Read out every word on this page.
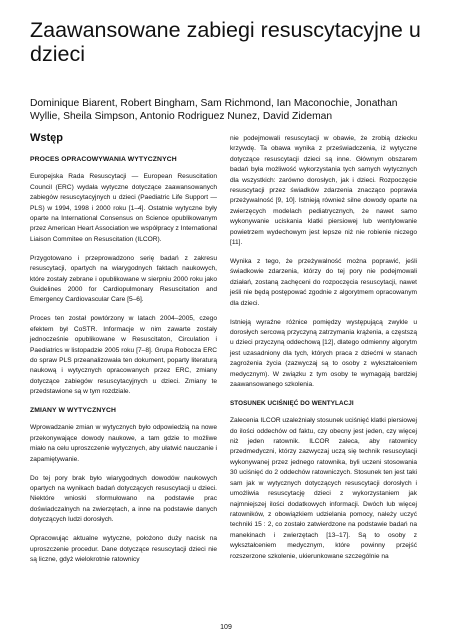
Zaawansowane zabiegi resuscytacyjne u dzieci
Dominique Biarent, Robert Bingham, Sam Richmond, Ian Maconochie, Jonathan Wyllie, Sheila Simpson, Antonio Rodriguez Nunez, David Zideman
Wstęp
PROCES OPRACOWYWANIA WYTYCZNYCH

Europejska Rada Resuscytacji — European Resuscitation Council (ERC) wydała wytyczne dotyczące zaawansowanych zabiegów resuscytacyjnych u dzieci (Paediatric Life Support — PLS) w 1994, 1998 i 2000 roku [1–4]. Ostatnie wytyczne były oparte na International Consensus on Science opublikowanym przez American Heart Association we współpracy z International Liaison Commitee on Resuscitation (ILCOR).

Przygotowano i przeprowadzono serię badań z zakresu resuscytacji, opartych na wiarygodnych faktach naukowych, które zostały zebrane i opublikowane w sierpniu 2000 roku jako Guidelines 2000 for Cardiopulmonary Resuscitation and Emergency Cardiovascular Care [5–6].

Proces ten został powtórzony w latach 2004–2005, czego efektem był CoSTR. Informacje w nim zawarte zostały jednocześnie opublikowane w Resuscitaton, Circulation i Paediatrics w listopadzie 2005 roku [7–8]. Grupa Robocza ERC do spraw PLS przeanalizowała ten dokument, poparty literaturą naukową i wytycznych opracowanych przez ERC, zmiany dotyczące zabiegów resuscytacyjnych u dzieci. Zmiany te przedstawione są w tym rozdziale.

ZMIANY W WYTYCZNYCH

Wprowadzanie zmian w wytycznych było odpowiedzią na nowe przekonywające dowody naukowe, a tam gdzie to możliwe miało na celu uproszczenie wytycznych, aby ułatwić nauczanie i zapamiętywanie.

Do tej pory brak było wiarygodnych dowodów naukowych opartych na wynikach badań dotyczących resuscytacji u dzieci. Niektóre wnioski sformułowano na podstawie prac doświadczalnych na zwierzętach, a inne na podstawie danych dotyczących ludzi dorosłych.

Opracowując aktualne wytyczne, położono duży nacisk na uproszczenie procedur. Dane dotyczące resuscytacji dzieci nie są liczne, gdyż wielokrotnie ratownicy

nie podejmowali resuscytacji w obawie, że zrobią dziecku krzywdę. Ta obawa wynika z przeświadczenia, iż wytyczne dotyczące resuscytacji dzieci są inne. Głównym obszarem badań była możliwość wykorzystania tych samych wytycznych dla wszystkich: zarówno dorosłych, jak i dzieci. Rozpoczęcie resuscytacji przez świadków zdarzenia znacząco poprawia przeżywalność [9, 10]. Istnieją również silne dowody oparte na zwierzęcych modelach pediatrycznych, że nawet samo wykonywanie uciskania klatki piersiowej lub wentylowanie powietrzem wydechowym jest lepsze niż nie robienie niczego [11].

Wynika z tego, że przeżywalność można poprawić, jeśli świadkowie zdarzenia, którzy do tej pory nie podejmowali działań, zostaną zachęceni do rozpoczęcia resuscytacji, nawet jeśli nie będą postępować zgodnie z algorytmem opracowanym dla dzieci.

Istnieją wyraźne różnice pomiędzy występującą zwykle u dorosłych sercową przyczyną zatrzymania krążenia, a częstszą u dzieci przyczyną oddechową [12], dlatego odmienny algorytm jest uzasadniony dla tych, których praca z dziećmi w stanach zagrożenia życia (zazwyczaj są to osoby z wykształceniem medycznym). W związku z tym osoby te wymagają bardziej zaawansowanego szkolenia.

STOSUNEK UCIŚNIĘĆ DO WENTYLACJI

Zalecenia ILCOR uzależniały stosunek uciśnięć klatki piersiowej do ilości oddechów od faktu, czy obecny jest jeden, czy więcej niż jeden ratownik. ILCOR zaleca, aby ratownicy przedmedyczni, którzy zazwyczaj uczą się technik resuscytacji wykonywanej przez jednego ratownika, byli uczeni stosowania 30 uciśnięć do 2 oddechów ratowniczych. Stosunek ten jest taki sam jak w wytycznych dotyczących resuscytacji dorosłych i umożliwia resuscytację dzieci z wykorzystaniem jak najmniejszej ilości dodatkowych informacji. Dwóch lub więcej ratowników, z obowiązkiem udzielania pomocy, należy uczyć techniki 15 : 2, co zostało zatwierdzone na podstawie badań na manekinach i zwierzętach [13–17]. Są to osoby z wykształceniem medycznym, które powinny przejść rozszerzone szkolenie, ukierunkowane szczególnie na

109
